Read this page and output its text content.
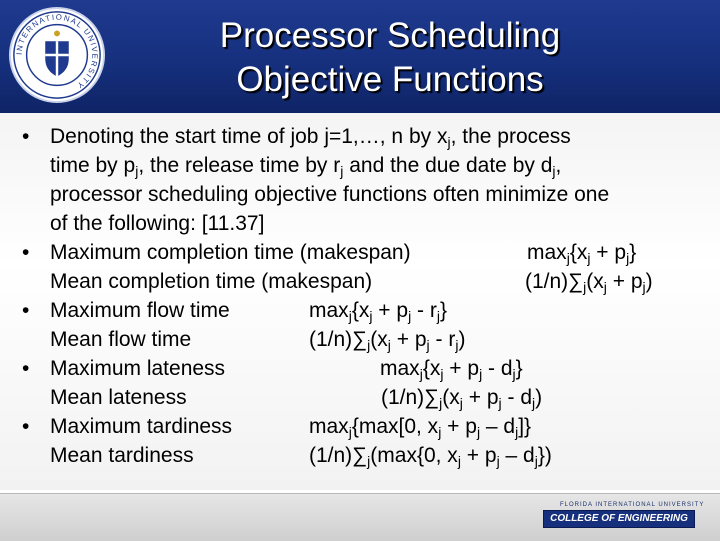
INTERNATIONAL UNIVERSITY
Processor Scheduling
Objective Functions
• Denoting the start time of job j=1,…, n by $x_j$, the process
time by $p_j$, the release time by $r_j$ and the due date by $d_j$,
processor scheduling objective functions often minimize one
of the following: [11.37]
• Maximum completion time (makespan)	$\max_j\{x_j + p_j\}$
Mean completion time (makespan)	$(1/n)\sum_j(x_j + p_j)$
• Maximum flow time	$\max_j\{x_j + p_j - r_j\}$
Mean flow time	$(1/n)\sum_j(x_j + p_j - r_j)$
• Maximum lateness	$\max_j\{x_j + p_j - d_j\}$
Mean lateness	$(1/n)\sum_j(x_j + p_j - d_j)$
• Maximum tardiness	$\max_j\{\max[0$, $x_j + p_j - d_j$]}
Mean tardiness	$(1/n)\sum_j(\max\{0$, $x_j + p_j - d_j$})
FLORIDA INTERNATIONAL UNIVERSITY
COLLEGE OF ENGINEERING
